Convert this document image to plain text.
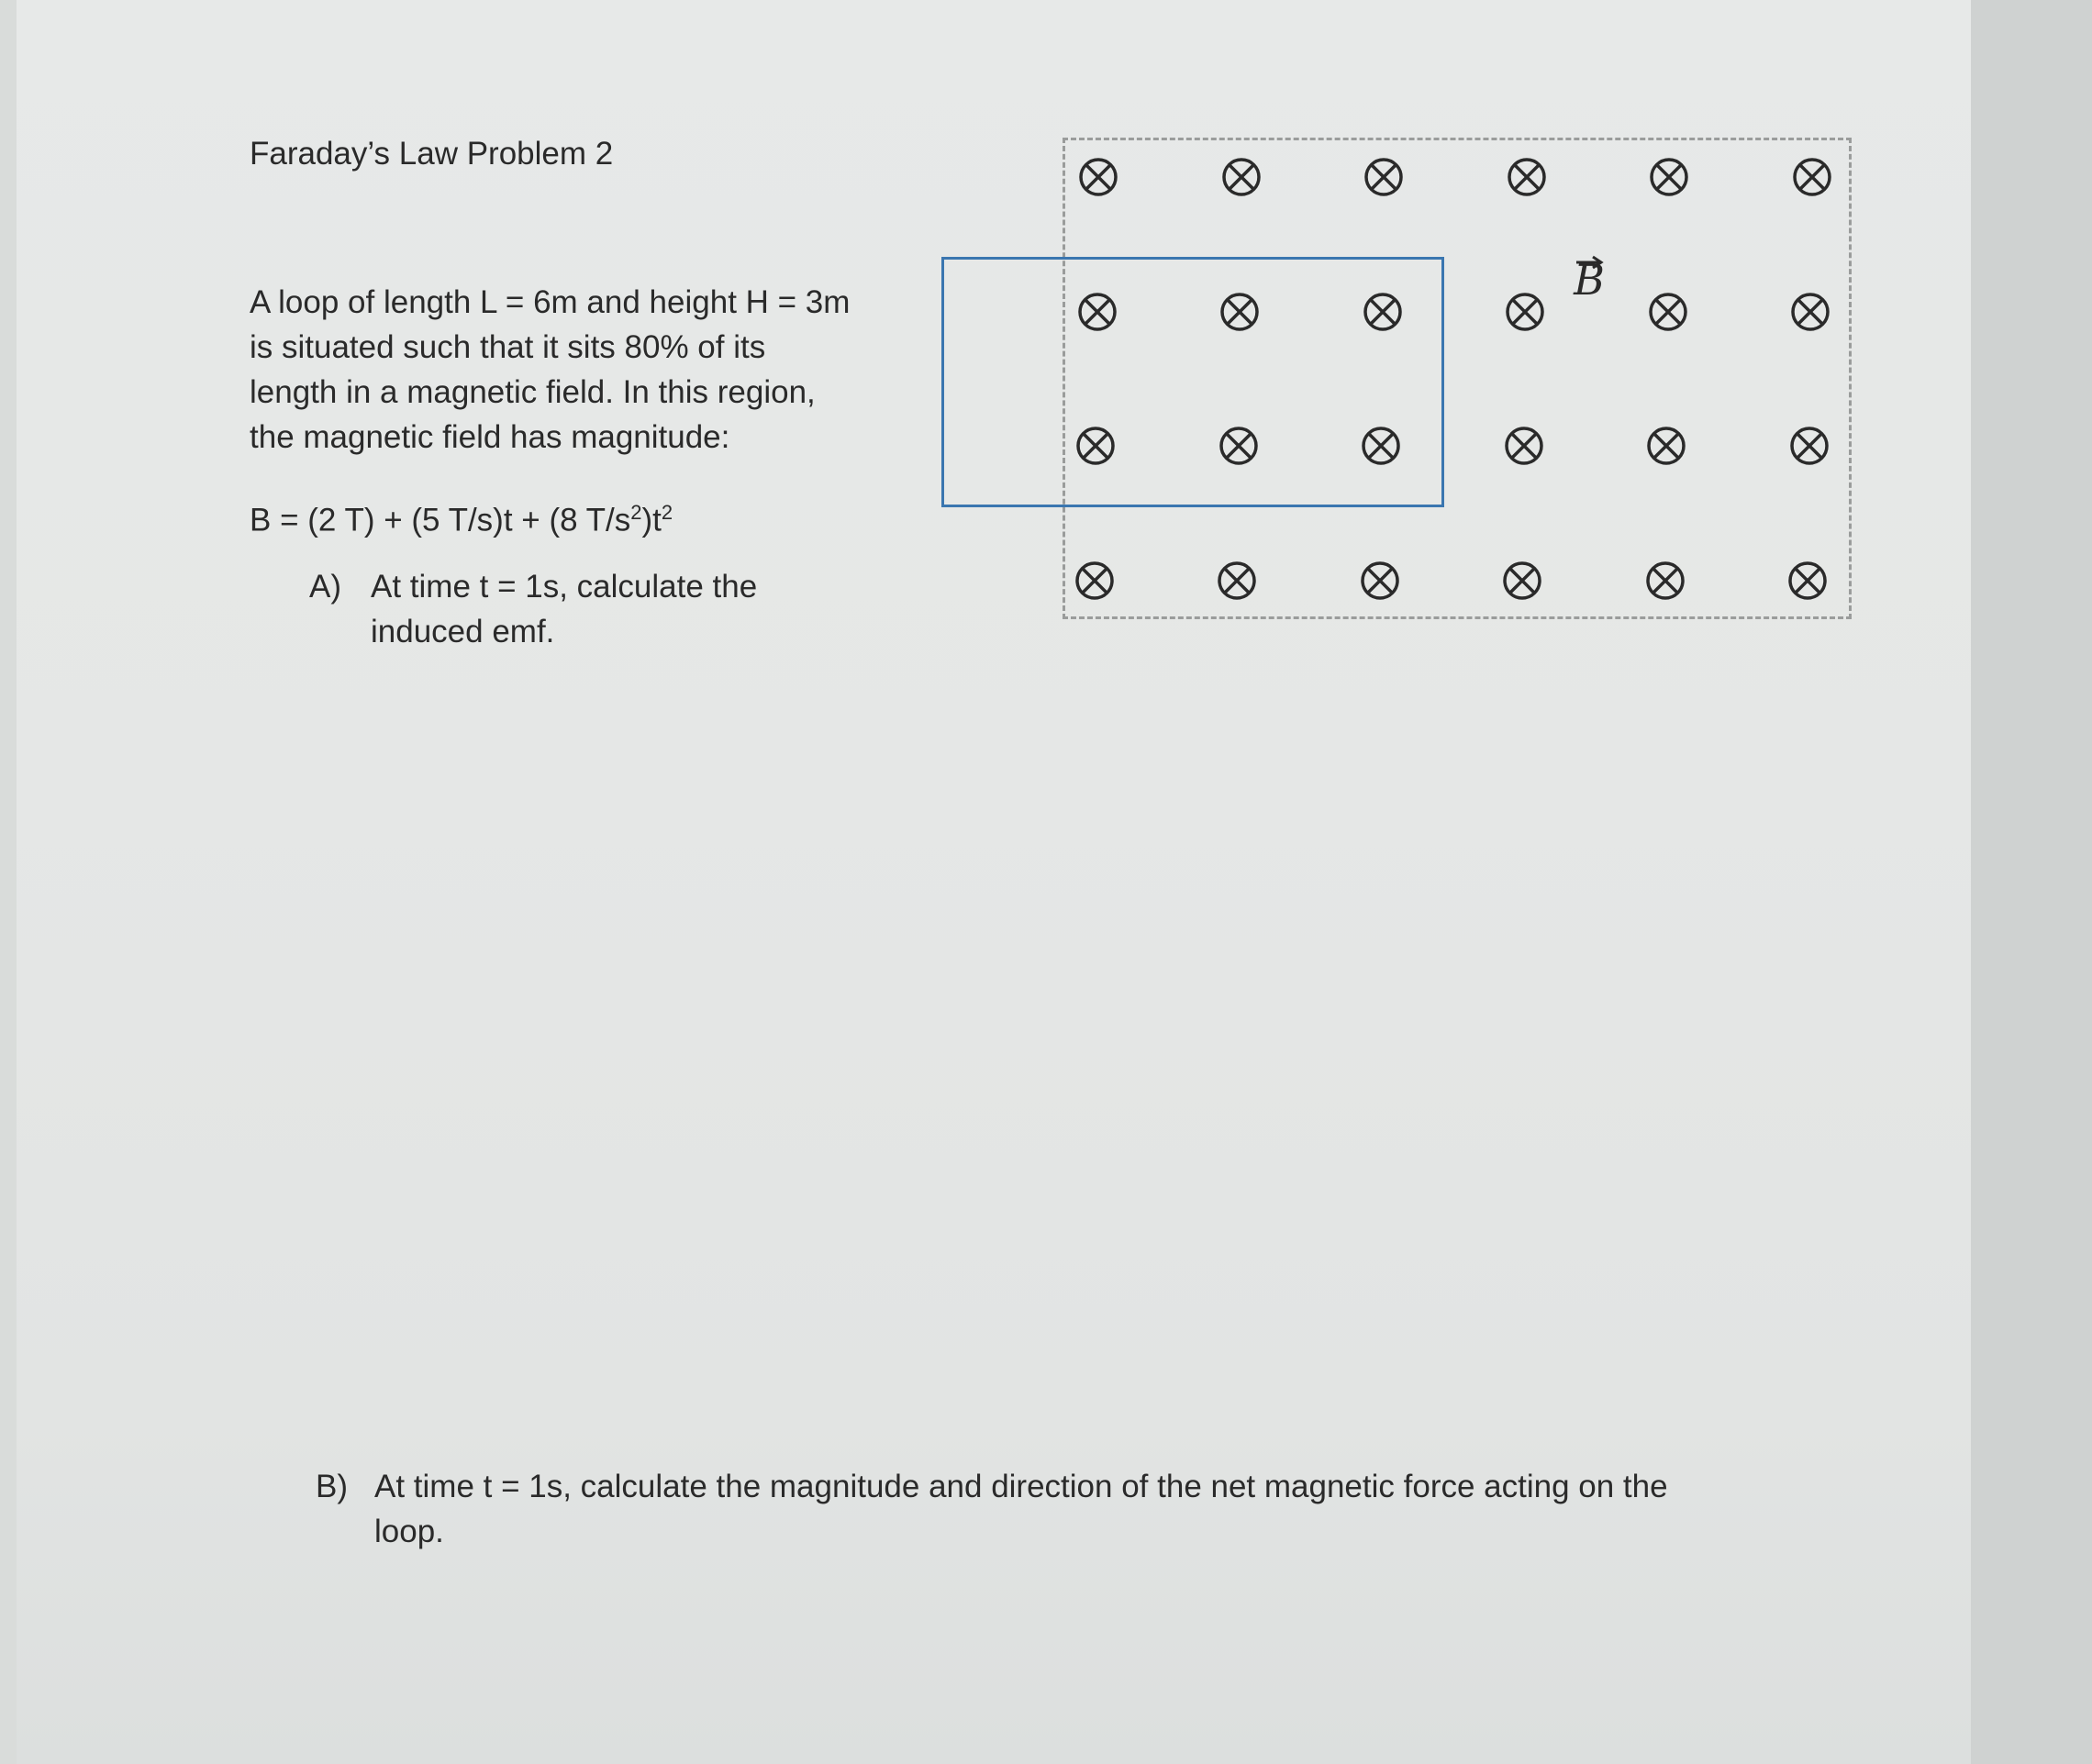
Faraday’s Law Problem 2
A loop of length L = 6m and height H = 3m
is situated such that it sits 80% of its
length in a magnetic field. In this region,
the magnetic field has magnitude:
B = (2 T) + (5 T/s)t + (8 $T/s^2)t^2$
A) At time t = 1s, calculate the
induced emf.
B
B) At time t = 1s, calculate the magnitude and direction of the net magnetic force acting on the
loop.
